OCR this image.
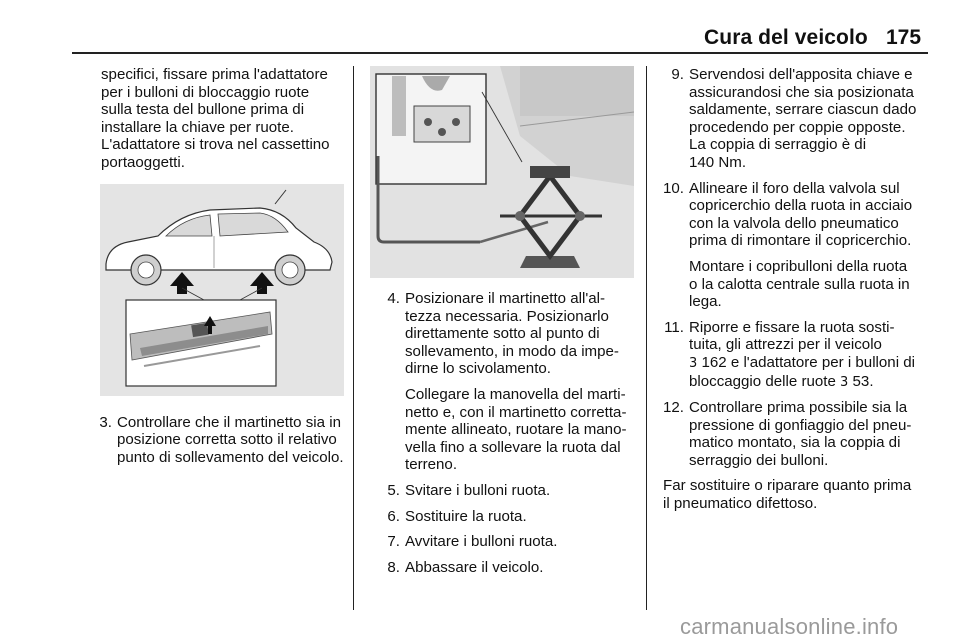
Cura del veicolo 175

specifici, fissare prima l'adattatore
per i bulloni di bloccaggio ruote
sulla testa del bullone prima di
installare la chiave per ruote.
L'adattatore si trova nel cassettino
portaoggetti.

3. Controllare che il martinetto sia in
posizione corretta sotto il relativo
punto di sollevamento del veicolo.
4. Posizionare il martinetto all'al-
tezza necessaria. Posizionarlo
direttamente sotto al punto di
sollevamento, in modo da impe-
dirne lo scivolamento.
Collegare la manovella del marti-
netto e, con il martinetto corretta-
mente allineato, ruotare la mano-
vella fino a sollevare la ruota dal
terreno.
5. Svitare i bulloni ruota.
6. Sostituire la ruota.
7. Avvitare i bulloni ruota.
8. Abbassare il veicolo.
9. Servendosi dell'apposita chiave e
assicurandosi che sia posizionata
saldamente, serrare ciascun dado
procedendo per coppie opposte.
La coppia di serraggio è di
140 Nm.
10. Allineare il foro della valvola sul
copricerchio della ruota in acciaio
con la valvola dello pneumatico
prima di rimontare il copricerchio.
Montare i copribulloni della ruota
o la calotta centrale sulla ruota in
lega.
11. Riporre e fissare la ruota sosti-
tuita, gli attrezzi per il veicolo
3 162 e l'adattatore per i bulloni di
bloccaggio delle ruote 3 53.
12. Controllare prima possibile sia la
pressione di gonfiaggio del pneu-
matico montato, sia la coppia di
serraggio dei bulloni.

Far sostituire o riparare quanto prima
il pneumatico difettoso.

carmanualsonline.info
